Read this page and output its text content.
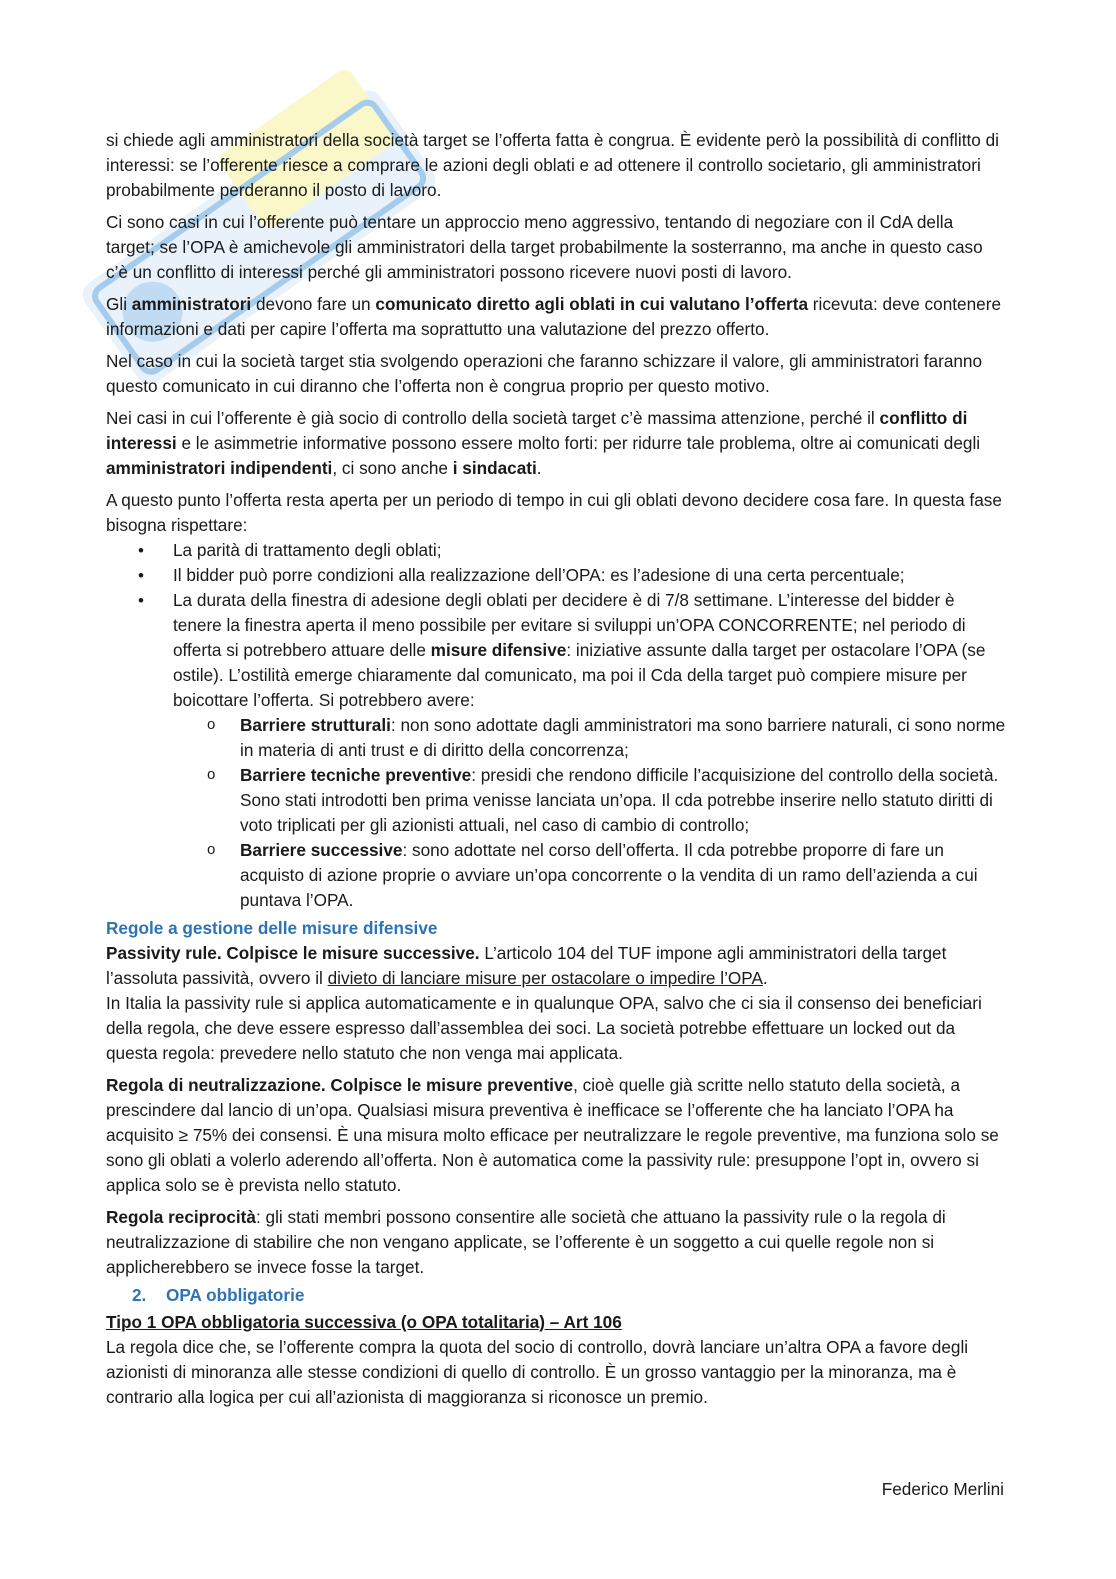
si chiede agli amministratori della società target se l’offerta fatta è congrua. È evidente però la possibilità di conflitto di interessi: se l’offerente riesce a comprare le azioni degli oblati e ad ottenere il controllo societario, gli amministratori probabilmente perderanno il posto di lavoro.

Ci sono casi in cui l’offerente può tentare un approccio meno aggressivo, tentando di negoziare con il CdA della target; se l’OPA è amichevole gli amministratori della target probabilmente la sosterranno, ma anche in questo caso c’è un conflitto di interessi perché gli amministratori possono ricevere nuovi posti di lavoro.

Gli amministratori devono fare un comunicato diretto agli oblati in cui valutano l’offerta ricevuta: deve contenere informazioni e dati per capire l’offerta ma soprattutto una valutazione del prezzo offerto.

Nel caso in cui la società target stia svolgendo operazioni che faranno schizzare il valore, gli amministratori faranno questo comunicato in cui diranno che l’offerta non è congrua proprio per questo motivo.

Nei casi in cui l’offerente è già socio di controllo della società target c’è massima attenzione, perché il conflitto di interessi e le asimmetrie informative possono essere molto forti: per ridurre tale problema, oltre ai comunicati degli amministratori indipendenti, ci sono anche i sindacati.

A questo punto l’offerta resta aperta per un periodo di tempo in cui gli oblati devono decidere cosa fare. In questa fase bisogna rispettare:

• La parità di trattamento degli oblati;
• Il bidder può porre condizioni alla realizzazione dell’OPA: es l’adesione di una certa percentuale;
• La durata della finestra di adesione degli oblati per decidere è di 7/8 settimane. L’interesse del bidder è tenere la finestra aperta il meno possibile per evitare si sviluppi un’OPA CONCORRENTE; nel periodo di offerta si potrebbero attuare delle misure difensive: iniziative assunte dalla target per ostacolare l’OPA (se ostile). L’ostilità emerge chiaramente dal comunicato, ma poi il Cda della target può compiere misure per boicottare l’offerta. Si potrebbero avere:
o Barriere strutturali: non sono adottate dagli amministratori ma sono barriere naturali, ci sono norme in materia di anti trust e di diritto della concorrenza;
o Barriere tecniche preventive: presidi che rendono difficile l’acquisizione del controllo della società. Sono stati introdotti ben prima venisse lanciata un’opa. Il cda potrebbe inserire nello statuto diritti di voto triplicati per gli azionisti attuali, nel caso di cambio di controllo;
o Barriere successive: sono adottate nel corso dell’offerta. Il cda potrebbe proporre di fare un acquisto di azione proprie o avviare un’opa concorrente o la vendita di un ramo dell’azienda a cui puntava l’OPA.
Regole a gestione delle misure difensive

Passivity rule. Colpisce le misure successive. L’articolo 104 del TUF impone agli amministratori della target l’assoluta passività, ovvero il divieto di lanciare misure per ostacolare o impedire l’OPA.

In Italia la passivity rule si applica automaticamente e in qualunque OPA, salvo che ci sia il consenso dei beneficiari della regola, che deve essere espresso dall’assemblea dei soci. La società potrebbe effettuare un locked out da questa regola: prevedere nello statuto che non venga mai applicata.

Regola di neutralizzazione. Colpisce le misure preventive, cioè quelle già scritte nello statuto della società, a prescindere dal lancio di un’opa. Qualsiasi misura preventiva è inefficace se l’offerente che ha lanciato l’OPA ha acquisito ≥ 75% dei consensi. È una misura molto efficace per neutralizzare le regole preventive, ma funziona solo se sono gli oblati a volerlo aderendo all’offerta. Non è automatica come la passivity rule: presuppone l’opt in, ovvero si applica solo se è prevista nello statuto.

Regola reciprocità: gli stati membri possono consentire alle società che attuano la passivity rule o la regola di neutralizzazione di stabilire che non vengano applicate, se l’offerente è un soggetto a cui quelle regole non si applicherebbero se invece fosse la target.

2. OPA obbligatorie
Tipo 1 OPA obbligatoria successiva (o OPA totalitaria) – Art 106

La regola dice che, se l’offerente compra la quota del socio di controllo, dovrà lanciare un’altra OPA a favore degli azionisti di minoranza alle stesse condizioni di quello di controllo. È un grosso vantaggio per la minoranza, ma è contrario alla logica per cui all’azionista di maggioranza si riconosce un premio.

Federico Merlini
